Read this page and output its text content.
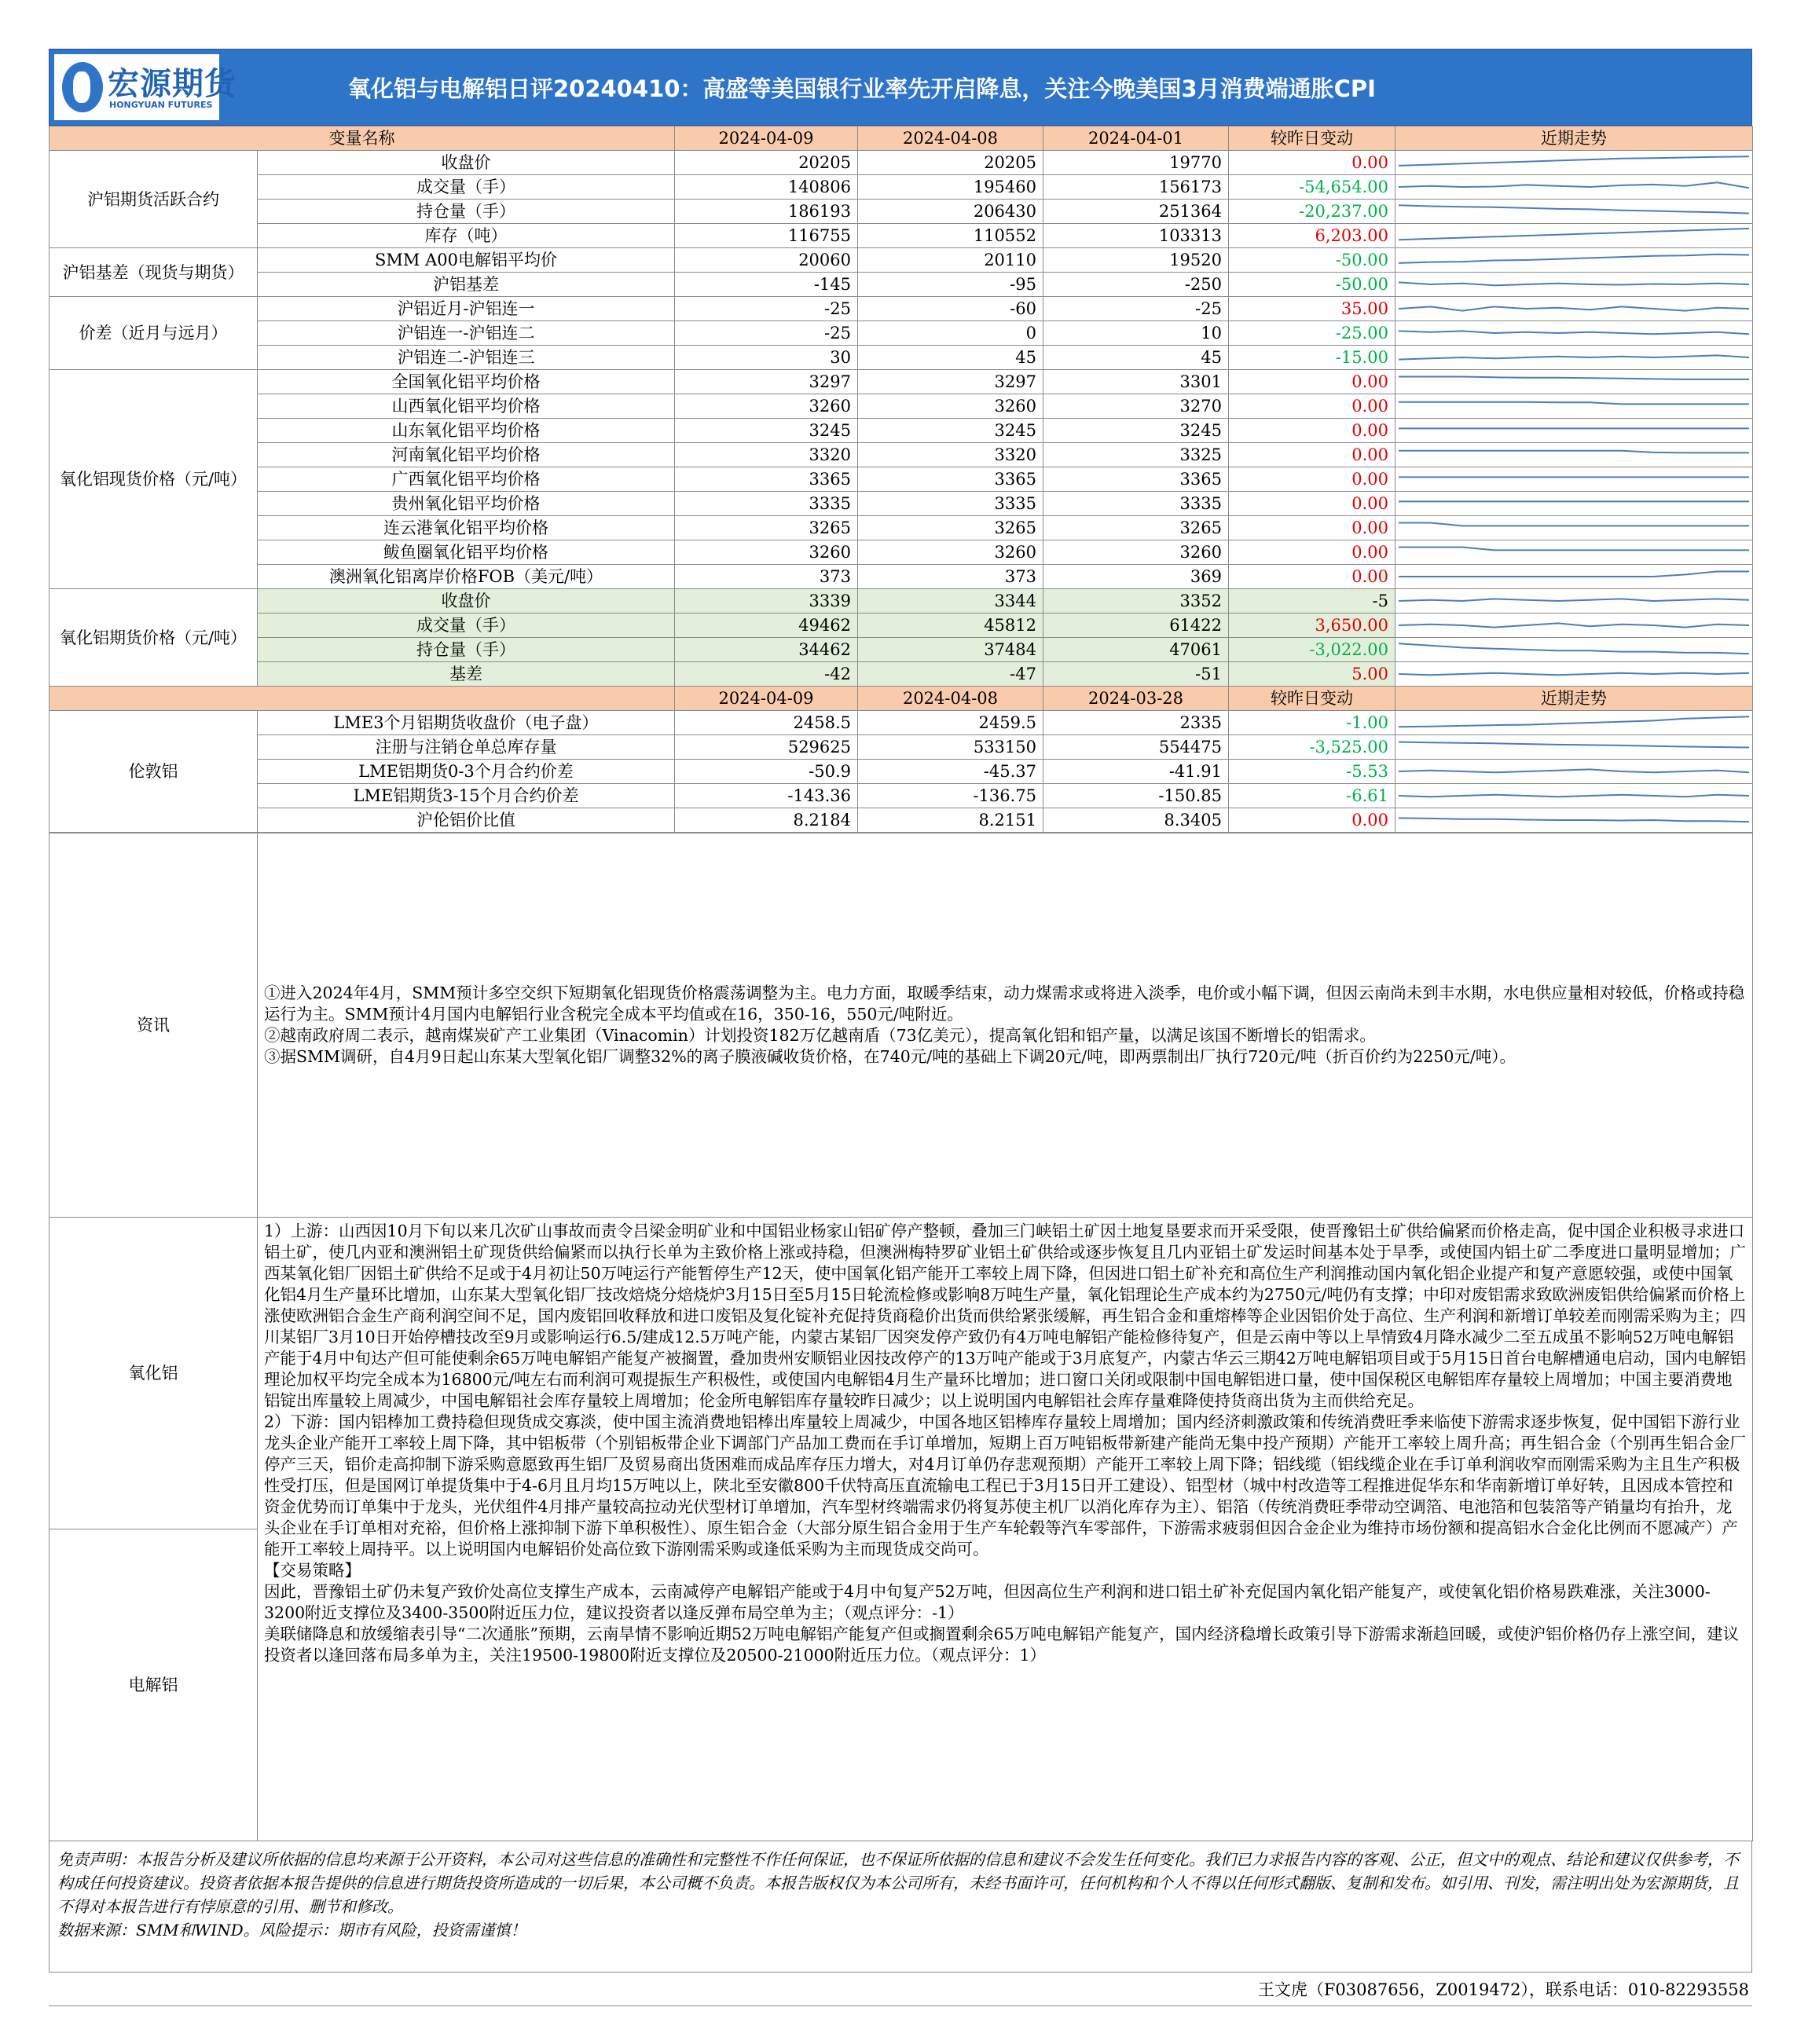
宏源期货
HONGYUAN FUTURES
氧化铝与电解铝日评20240410：高盛等美国银行业率先开启降息，关注今晚美国3月消费端通胀CPI
变量名称		2024-04-09	2024-04-08	2024-04-01	较昨日变动	近期走势
沪铝期货活跃合约	收盘价	20205	20205	19770	0.00	

	成交量（手）	140806	195460	156173	-54,654.00	

	持仓量（手）	186193	206430	251364	-20,237.00	

	库存（吨）	116755	110552	103313	6,203.00	

沪铝基差（现货与期货）	SMM A00电解铝平均价	20060	20110	19520	-50.00	

	沪铝基差	-145	-95	-250	-50.00	

价差（近月与远月）	沪铝近月-沪铝连一	-25	-60	-25	35.00	

	沪铝连一-沪铝连二	-25	0	10	-25.00	

	沪铝连二-沪铝连三	30	45	45	-15.00	

氧化铝现货价格（元/吨）	全国氧化铝平均价格	3297	3297	3301	0.00	

	山西氧化铝平均价格	3260	3260	3270	0.00	

	山东氧化铝平均价格	3245	3245	3245	0.00	

	河南氧化铝平均价格	3320	3320	3325	0.00	

	广西氧化铝平均价格	3365	3365	3365	0.00	

	贵州氧化铝平均价格	3335	3335	3335	0.00	

	连云港氧化铝平均价格	3265	3265	3265	0.00	

	鲅鱼圈氧化铝平均价格	3260	3260	3260	0.00	

	澳洲氧化铝离岸价格FOB（美元/吨）	373	373	369	0.00	

氧化铝期货价格（元/吨）	收盘价	3339	3344	3352	-5	

	成交量（手）	49462	45812	61422	3,650.00	

	持仓量（手）	34462	37484	47061	-3,022.00	

	基差	-42	-47	-51	5.00	

		2024-04-09	2024-04-08	2024-03-28	较昨日变动	近期走势
伦敦铝	LME3个月铝期货收盘价（电子盘）	2458.5	2459.5	2335	-1.00	

	注册与注销仓单总库存量	529625	533150	554475	-3,525.00	

	LME铝期货0-3个月合约价差	-50.9	-45.37	-41.91	-5.53	

	LME铝期货3-15个月合约价差	-143.36	-136.75	-150.85	-6.61	

	沪伦铝价比值	8.2184	8.2151	8.3405	0.00	
资讯	①进入2024年4月，SMM预计多空交织下短期氧化铝现货价格震荡调整为主。电力方面，取暖季结束，动力煤需求或将进入淡季，电价或小幅下调，但因云南尚未到丰水期，水电供应量相对较低，价格或持稳运行为主。SMM预计4月国内电解铝行业含税完全成本平均值或在16，350-16，550元/吨附近。
②越南政府周二表示，越南煤炭矿产工业集团（Vinacomin）计划投资182万亿越南盾（73亿美元），提高氧化铝和铝产量，以满足该国不断增长的铝需求。
③据SMM调研，自4月9日起山东某大型氧化铝厂调整32%的离子膜液碱收货价格，在740元/吨的基础上下调20元/吨，即两票制出厂执行720元/吨（折百价约为2250元/吨）。

氧化铝	1）上游：山西因10月下旬以来几次矿山事故而责令吕梁金明矿业和中国铝业杨家山铝矿停产整顿，叠加三门峡铝土矿因土地复垦要求而开采受限，使晋豫铝土矿供给偏紧而价格走高，促中国企业积极寻求进口铝土矿，使几内亚和澳洲铝土矿现货供给偏紧而以执行长单为主致价格上涨或持稳，但澳洲梅特罗矿业铝土矿供给或逐步恢复且几内亚铝土矿发运时间基本处于旱季，或使国内铝土矿二季度进口量明显增加；广西某氧化铝厂因铝土矿供给不足或于4月初让50万吨运行产能暂停生产12天，使中国氧化铝产能开工率较上周下降，但因进口铝土矿补充和高位生产利润推动国内氧化铝企业提产和复产意愿较强，或使中国氧化铝4月生产量环比增加，山东某大型氧化铝厂技改焙烧分焙烧炉3月15日至5月15日轮流检修或影响8万吨生产量，氧化铝理论生产成本约为2750元/吨仍有支撑；中印对废铝需求致欧洲废铝供给偏紧而价格上涨使欧洲铝合金生产商利润空间不足，国内废铝回收释放和进口废铝及复化锭补充促持货商稳价出货而供给紧张缓解，再生铝合金和重熔棒等企业因铝价处于高位、生产利润和新增订单较差而刚需采购为主；四川某铝厂3月10日开始停槽技改至9月或影响运行6.5/建成12.5万吨产能，内蒙古某铝厂因突发停产致仍有4万吨电解铝产能检修待复产，但是云南中等以上旱情致4月降水减少二至五成虽不影响52万吨电解铝产能于4月中旬达产但可能使剩余65万吨电解铝产能复产被搁置，叠加贵州安顺铝业因技改停产的13万吨产能或于3月底复产，内蒙古华云三期42万吨电解铝项目或于5月15日首台电解槽通电启动，国内电解铝理论加权平均完全成本为16800元/吨左右而利润可观提振生产积极性，或使国内电解铝4月生产量环比增加；进口窗口关闭或限制中国电解铝进口量，使中国保税区电解铝库存量较上周增加；中国主要消费地铝锭出库量较上周减少，中国电解铝社会库存量较上周增加；伦金所电解铝库存量较昨日减少；以上说明国内电解铝社会库存量难降使持货商出货为主而供给充足。
2）下游：国内铝棒加工费持稳但现货成交寡淡，使中国主流消费地铝棒出库量较上周减少，中国各地区铝棒库存量较上周增加；国内经济刺激政策和传统消费旺季来临使下游需求逐步恢复，促中国铝下游行业龙头企业产能开工率较上周下降，其中铝板带（个别铝板带企业下调部门产品加工费而在手订单增加，短期上百万吨铝板带新建产能尚无集中投产预期）产能开工率较上周升高；再生铝合金（个别再生铝合金厂停产三天，铝价走高抑制下游采购意愿致再生铝厂及贸易商出货困难而成品库存压力增大，对4月订单仍存悲观预期）产能开工率较上周下降；铝线缆（铝线缆企业在手订单利润收窄而刚需采购为主且生产积极性受打压，但是国网订单提货集中于4-6月且月均15万吨以上，陕北至安徽800千伏特高压直流输电工程已于3月15日开工建设）、铝型材（城中村改造等工程推进促华东和华南新增订单好转，且因成本管控和资金优势而订单集中于龙头，光伏组件4月排产量较高拉动光伏型材订单增加，汽车型材终端需求仍将复苏使主机厂以消化库存为主）、铝箔（传统消费旺季带动空调箔、电池箔和包装箔等产销量均有抬升，龙头企业在手订单相对充裕，但价格上涨抑制下游下单积极性）、原生铝合金（大部分原生铝合金用于生产车轮毂等汽车零部件，下游需求疲弱但因合金企业为维持市场份额和提高铝水合金化比例而不愿减产）产能开工率较上周持平。以上说明国内电解铝价处高位致下游刚需采购或逢低采购为主而现货成交尚可。
【交易策略】
因此，晋豫铝土矿仍未复产致价处高位支撑生产成本，云南减停产电解铝产能或于4月中旬复产52万吨，但因高位生产利润和进口铝土矿补充促国内氧化铝产能复产，或使氧化铝价格易跌难涨，关注3000-3200附近支撑位及3400-3500附近压力位，建议投资者以逢反弹布局空单为主；（观点评分：-1）
美联储降息和放缓缩表引导“二次通胀”预期，云南旱情不影响近期52万吨电解铝产能复产但或搁置剩余65万吨电解铝产能复产，国内经济稳增长政策引导下游需求渐趋回暖，或使沪铝价格仍存上涨空间，建议投资者以逢回落布局多单为主，关注19500-19800附近支撑位及20500-21000附近压力位。（观点评分：1）

电解铝	
免责声明：本报告分析及建议所依据的信息均来源于公开资料，本公司对这些信息的准确性和完整性不作任何保证，也不保证所依据的信息和建议不会发生任何变化。我们已力求报告内容的客观、公正，但文中的观点、结论和建议仅供参考，不构成任何投资建议。投资者依据本报告提供的信息进行期货投资所造成的一切后果，本公司概不负责。本报告版权仅为本公司所有，未经书面许可，任何机构和个人不得以任何形式翻版、复制和发布。如引用、刊发，需注明出处为宏源期货，且不得对本报告进行有悖原意的引用、删节和修改。
数据来源：SMM和WIND。风险提示：期市有风险，投资需谨慎！
王文虎（F03087656，Z0019472），联系电话：010-82293558
